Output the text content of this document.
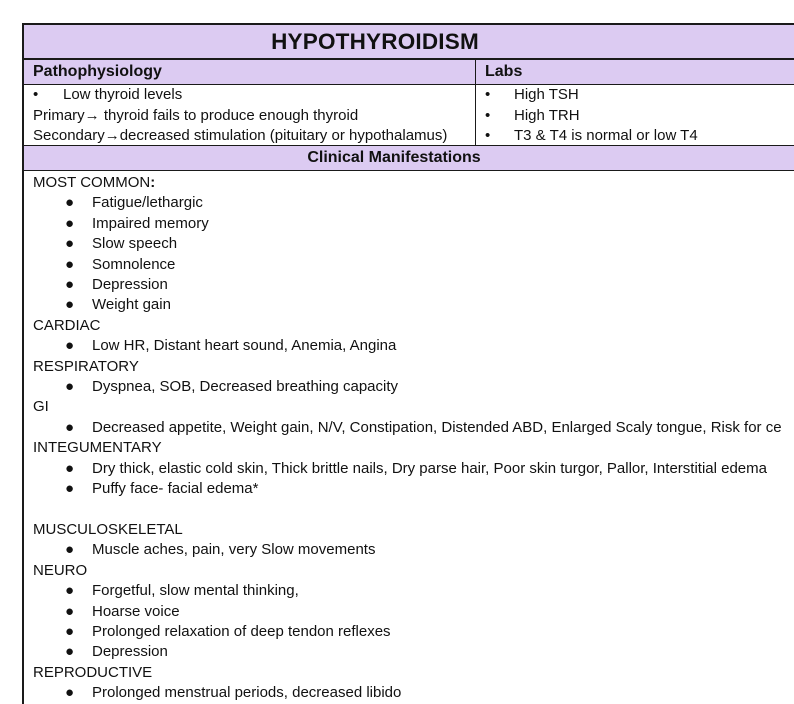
HYPOTHYROIDISM
Pathophysiology	Labs
• Low thyroid levels
Primary→ thyroid fails to produce enough thyroid
Secondary→decreased stimulation (pituitary or hypothalamus)
• High TSH
• High TRH
• T3 & T4 is normal or low T4
Clinical Manifestations
MOST COMMON:
● Fatigue/lethargic
● Impaired memory
● Slow speech
● Somnolence
● Depression
● Weight gain
CARDIAC
● Low HR, Distant heart sound, Anemia, Angina
RESPIRATORY
● Dyspnea, SOB, Decreased breathing capacity
GI
● Decreased appetite, Weight gain, N/V, Constipation, Distended ABD, Enlarged Scaly tongue, Risk for ce
INTEGUMENTARY
● Dry thick, elastic cold skin, Thick brittle nails, Dry parse hair, Poor skin turgor, Pallor, Interstitial edema
● Puffy face- facial edema*
MUSCULOSKELETAL
● Muscle aches, pain, very Slow movements
NEURO
● Forgetful, slow mental thinking,
● Hoarse voice
● Prolonged relaxation of deep tendon reflexes
● Depression
REPRODUCTIVE
● Prolonged menstrual periods, decreased libido
